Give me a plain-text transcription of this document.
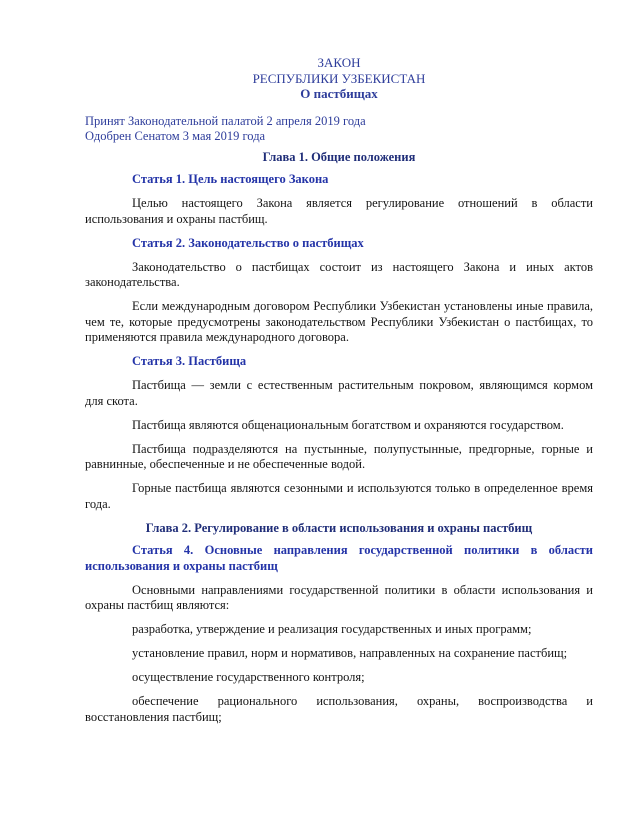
ЗАКОН
РЕСПУБЛИКИ УЗБЕКИСТАН
О пастбищах
Принят Законодательной палатой 2 апреля 2019 года
Одобрен Сенатом 3 мая 2019 года
Глава 1. Общие положения
Статья 1. Цель настоящего Закона
Целью настоящего Закона является регулирование отношений в области использования и охраны пастбищ.
Статья 2. Законодательство о пастбищах
Законодательство о пастбищах состоит из настоящего Закона и иных актов законодательства.
Если международным договором Республики Узбекистан установлены иные правила, чем те, которые предусмотрены законодательством Республики Узбекистан о пастбищах, то применяются правила международного договора.
Статья 3. Пастбища
Пастбища — земли с естественным растительным покровом, являющимся кормом для скота.
Пастбища являются общенациональным богатством и охраняются государством.
Пастбища подразделяются на пустынные, полупустынные, предгорные, горные и равнинные, обеспеченные и не обеспеченные водой.
Горные пастбища являются сезонными и используются только в определенное время года.
Глава 2. Регулирование в области использования и охраны пастбищ
Статья 4. Основные направления государственной политики в области использования и охраны пастбищ
Основными направлениями государственной политики в области использования и охраны пастбищ являются:
разработка, утверждение и реализация государственных и иных программ;
установление правил, норм и нормативов, направленных на сохранение пастбищ;
осуществление государственного контроля;
обеспечение рационального использования, охраны, воспроизводства и восстановления пастбищ;
